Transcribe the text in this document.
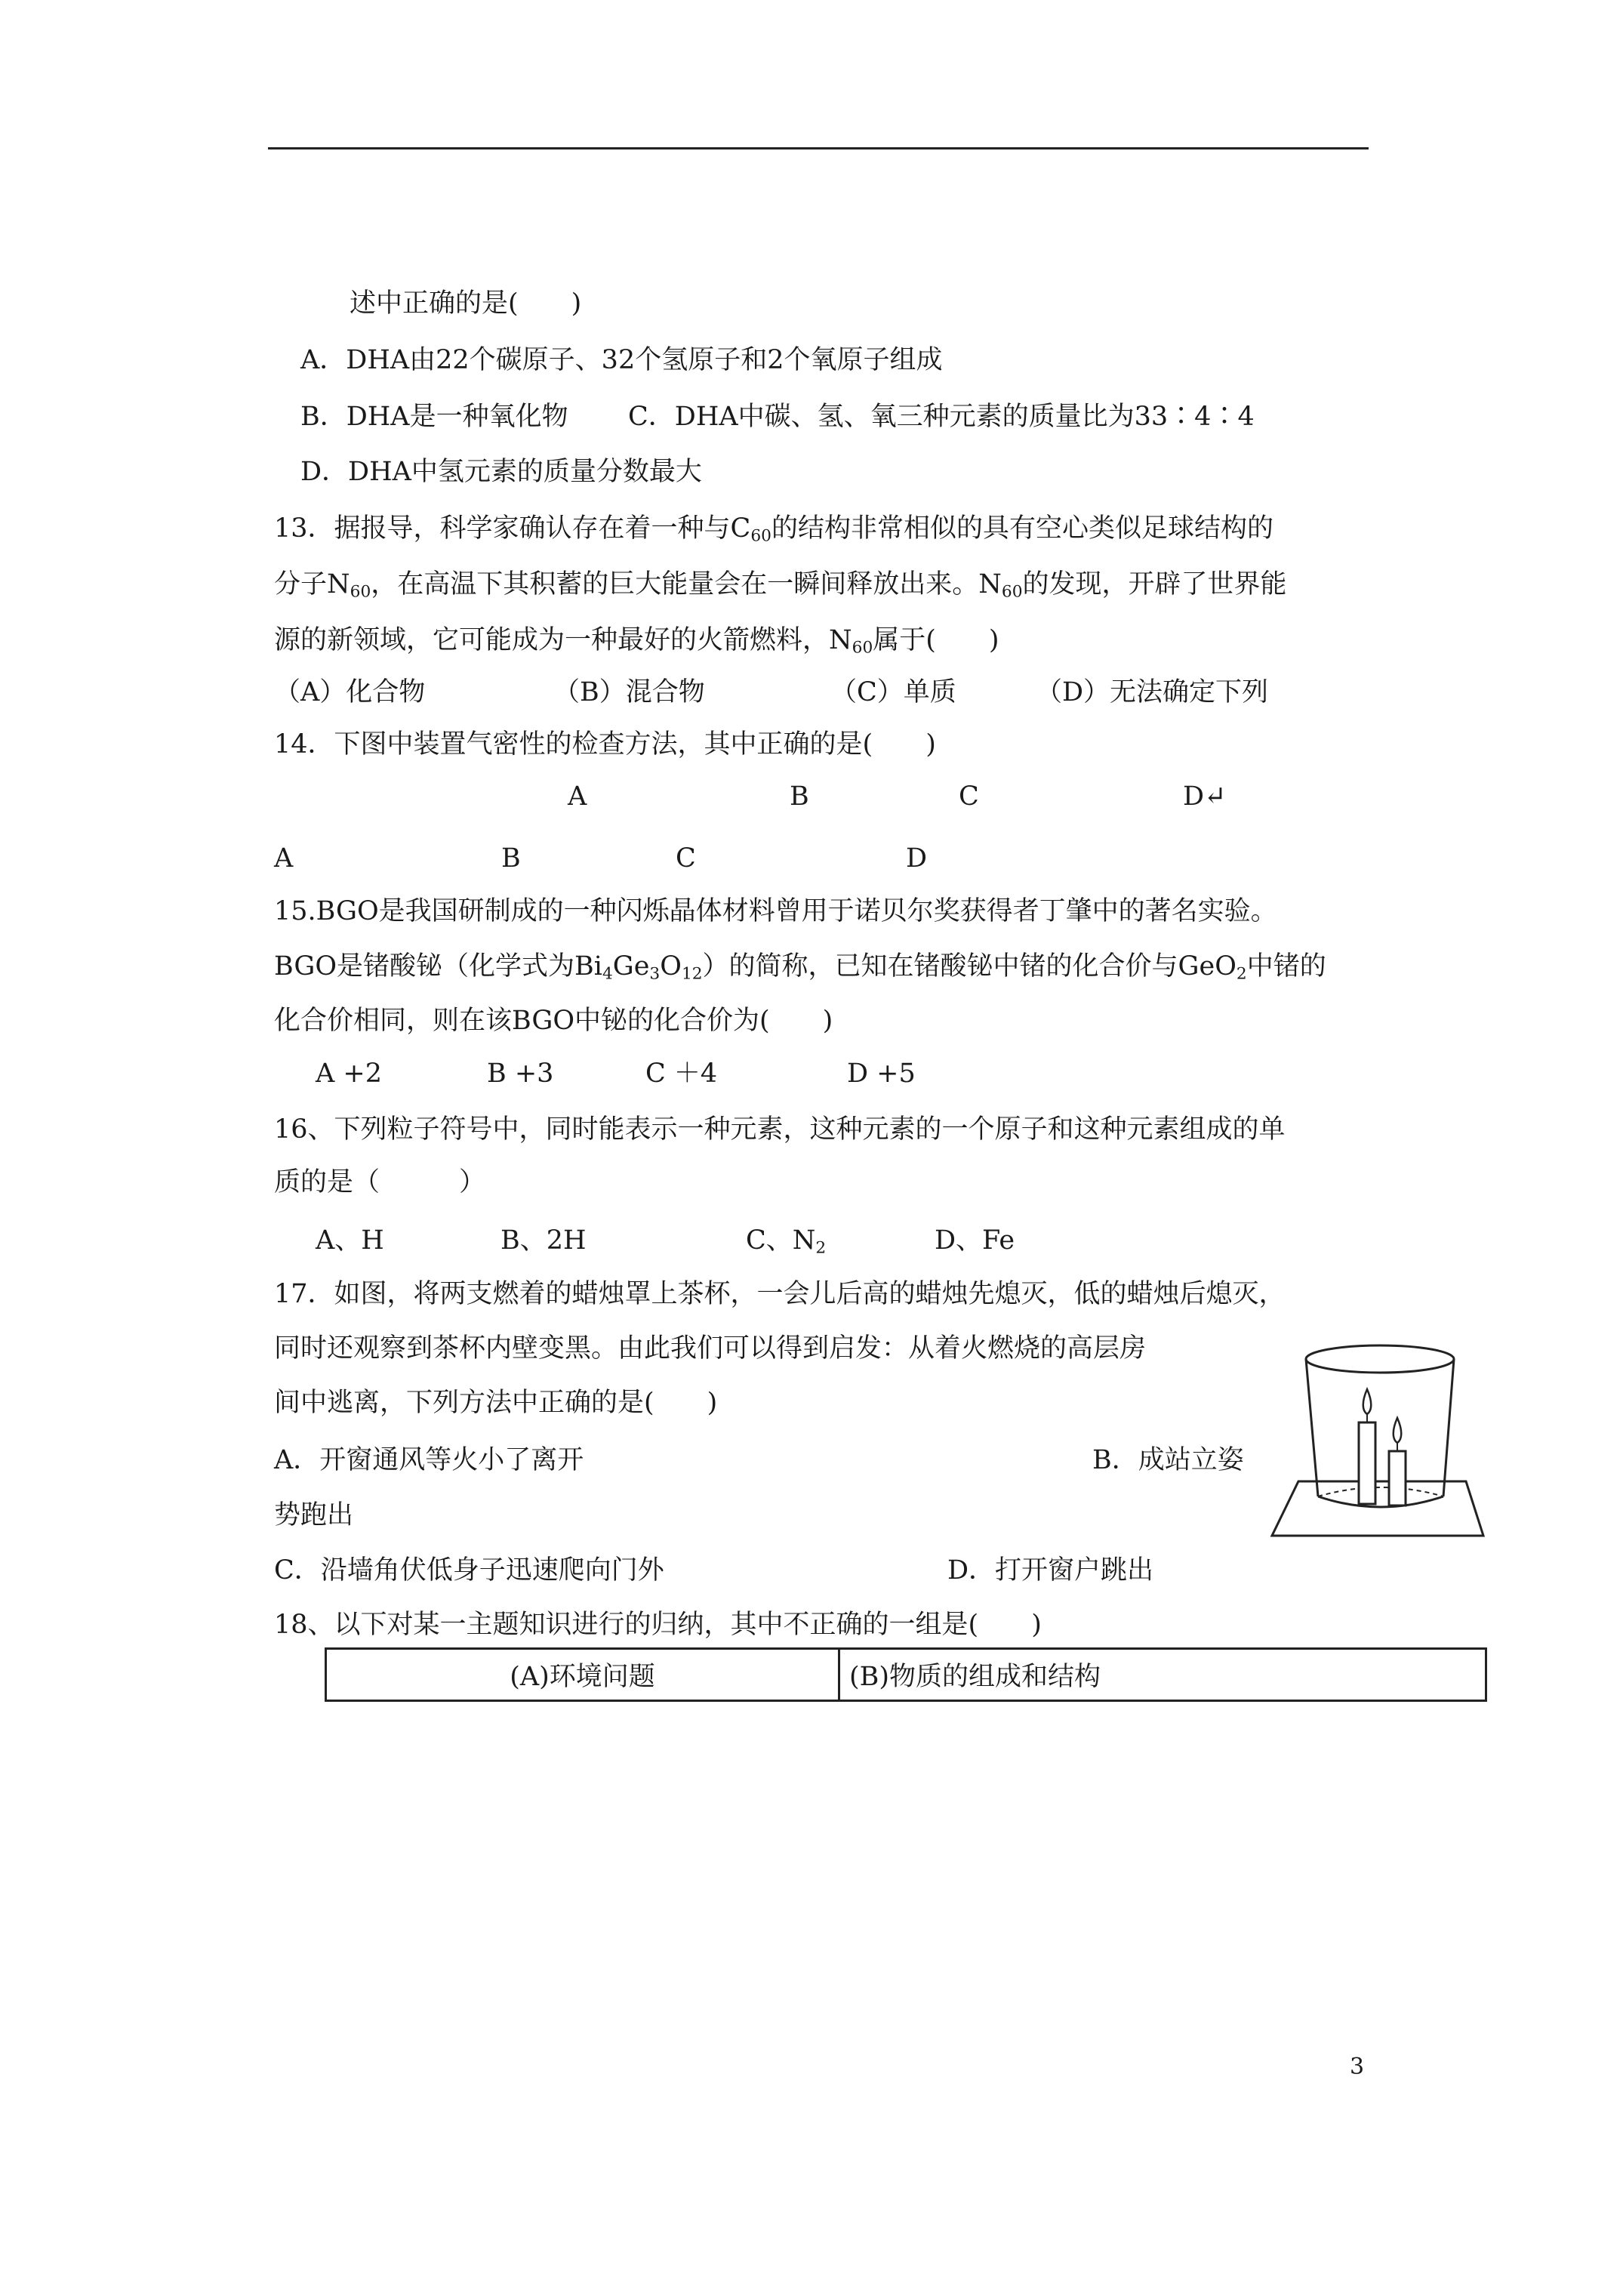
述中正确的是(　　)
A．DHA由22个碳原子、32个氢原子和2个氧原子组成
B．DHA是一种氧化物 C．DHA中碳、氢、氧三种元素的质量比为33∶4∶4
D．DHA中氢元素的质量分数最大
13．据报导，科学家确认存在着一种与$C_{60}$的结构非常相似的具有空心类似足球结构的
分子$N_{60}$，在高温下其积蓄的巨大能量会在一瞬间释放出来。$N_{60}$的发现，开辟了世界能
源的新领域，它可能成为一种最好的火箭燃料，$N_{60}$属于(　　)
（A）化合物	（B）混合物	（C）单质	（D）无法确定下列
14．下图中装置气密性的检查方法，其中正确的是(　　)
A	B	C	D↵
A	B	C	D
15.BGO是我国研制成的一种闪烁晶体材料曾用于诺贝尔奖获得者丁肇中的著名实验。
BGO是锗酸铋（化学式为$Bi_4Ge_3O_{12}$）的简称，已知在锗酸铋中锗的化合价与GeO$_2$中锗的
化合价相同，则在该BGO中铋的化合价为(　　)
A +2	B +3	C ＋4	D +5
16、下列粒子符号中，同时能表示一种元素，这种元素的一个原子和这种元素组成的单
质的是（　　　）
A、H	B、2H	C、$N_2$	D、Fe
17．如图，将两支燃着的蜡烛罩上茶杯，一会儿后高的蜡烛先熄灭，低的蜡烛后熄灭，
同时还观察到茶杯内壁变黑。由此我们可以得到启发：从着火燃烧的高层房
间中逃离，下列方法中正确的是(　　)
A．开窗通风等火小了离开	B．成站立姿
势跑出
C．沿墙角伏低身子迅速爬向门外	D．打开窗户跳出
18、以下对某一主题知识进行的归纳，其中不正确的一组是(　　)
(A)环境问题	(B)物质的组成和结构
3
